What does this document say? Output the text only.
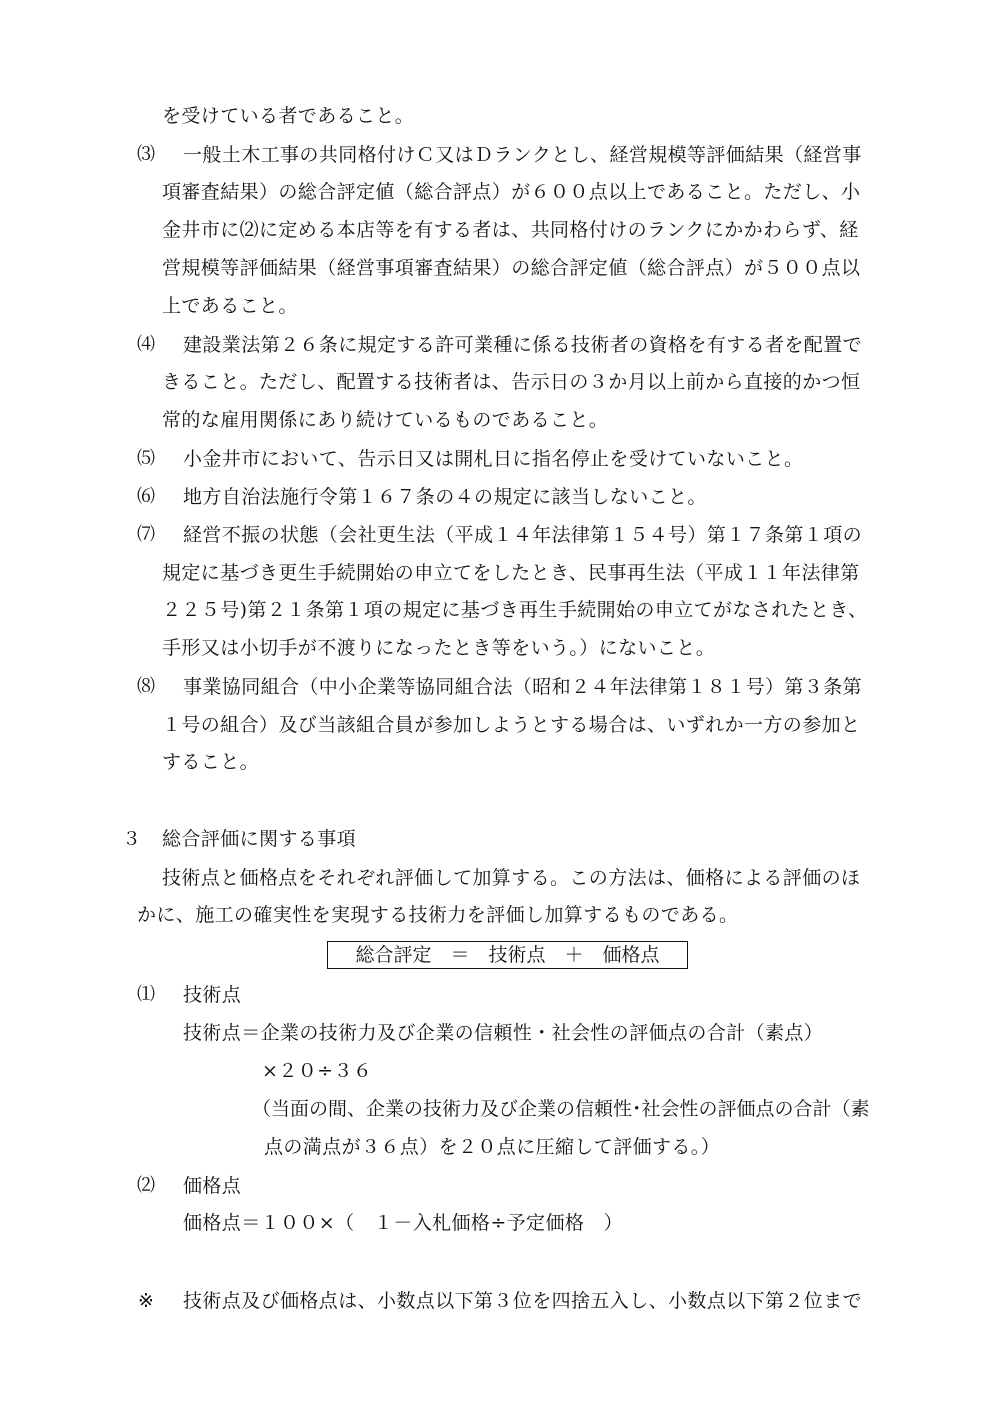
を受けている者であること。
⑶ 一般土木工事の共同格付けＣ又はＤランクとし、経営規模等評価結果（経営事
項審査結果）の総合評定値（総合評点）が６００点以上であること。ただし、小
金井市に⑵に定める本店等を有する者は、共同格付けのランクにかかわらず、経
営規模等評価結果（経営事項審査結果）の総合評定値（総合評点）が５００点以
上であること。
⑷ 建設業法第２６条に規定する許可業種に係る技術者の資格を有する者を配置で
きること。ただし、配置する技術者は、告示日の３か月以上前から直接的かつ恒
常的な雇用関係にあり続けているものであること。
⑸ 小金井市において、告示日又は開札日に指名停止を受けていないこと。
⑹ 地方自治法施行令第１６７条の４の規定に該当しないこと。
⑺ 経営不振の状態（会社更生法（平成１４年法律第１５４号）第１７条第１項の
規定に基づき更生手続開始の申立てをしたとき、民事再生法（平成１１年法律第
２２５号)第２１条第１項の規定に基づき再生手続開始の申立てがなされたとき、
手形又は小切手が不渡りになったとき等をいう。）にないこと。
⑻ 事業協同組合（中小企業等協同組合法（昭和２４年法律第１８１号）第３条第
１号の組合）及び当該組合員が参加しようとする場合は、いずれか一方の参加と
すること。
３ 総合評価に関する事項
技術点と価格点をそれぞれ評価して加算する。この方法は、価格による評価のほ
かに、施工の確実性を実現する技術力を評価し加算するものである。
総合評定　＝　技術点　＋　価格点
⑴ 技術点
技術点＝企業の技術力及び企業の信頼性・社会性の評価点の合計（素点）
×２０÷３６
（当面の間、企業の技術力及び企業の信頼性･社会性の評価点の合計（素
点の満点が３６点）を２０点に圧縮して評価する。）
⑵ 価格点
価格点＝１００×（　１－入札価格÷予定価格　）
※ 技術点及び価格点は、小数点以下第３位を四捨五入し、小数点以下第２位まで
